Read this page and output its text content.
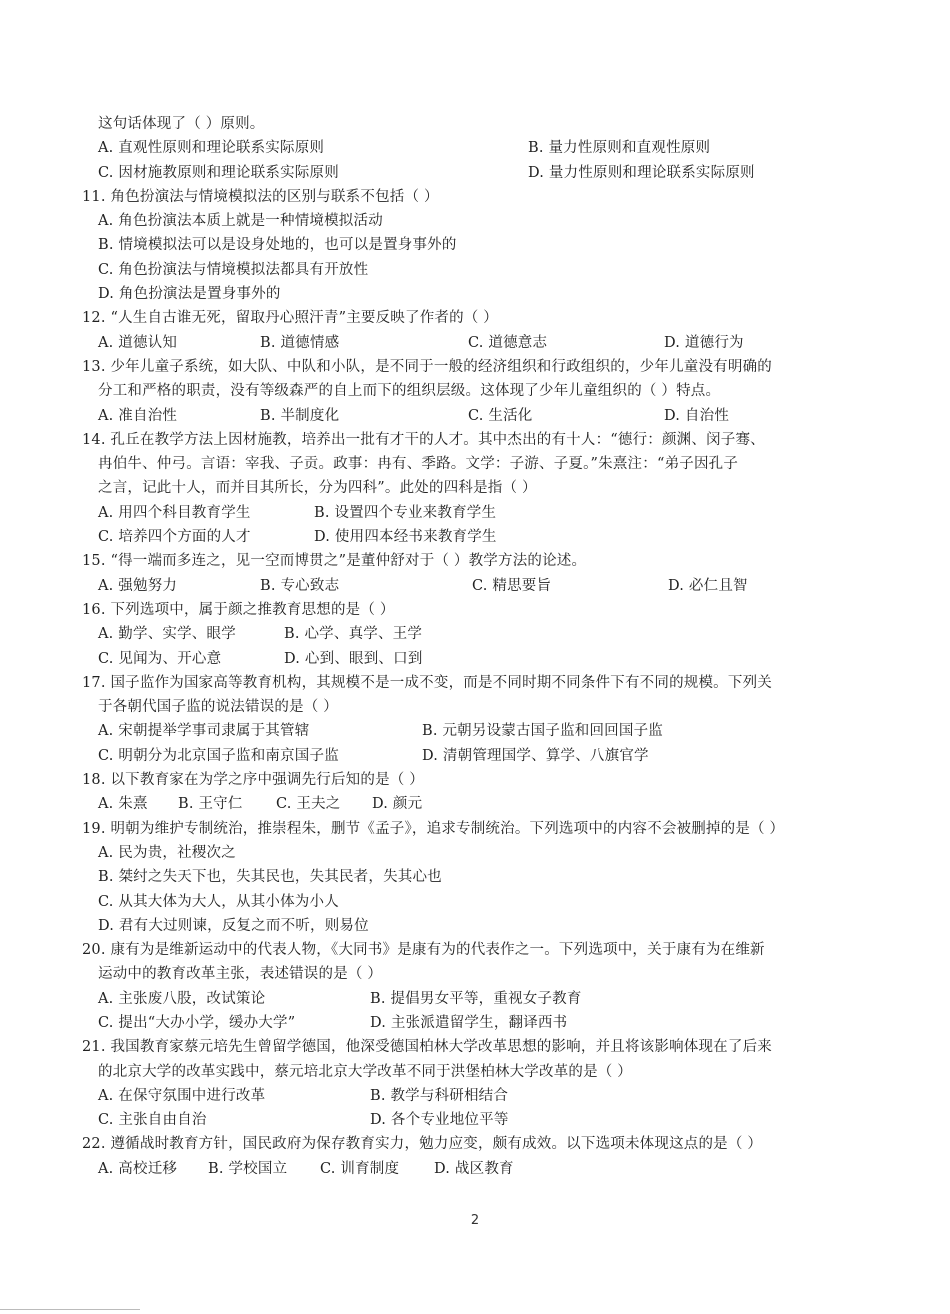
这句话体现了（ ）原则。
A. 直观性原则和理论联系实际原则	B. 量力性原则和直观性原则
C. 因材施教原则和理论联系实际原则	D. 量力性原则和理论联系实际原则
11. 角色扮演法与情境模拟法的区别与联系不包括（ ）
A. 角色扮演法本质上就是一种情境模拟活动
B. 情境模拟法可以是设身处地的，也可以是置身事外的
C. 角色扮演法与情境模拟法都具有开放性
D. 角色扮演法是置身事外的
12. “人生自古谁无死，留取丹心照汗青”主要反映了作者的（ ）
A. 道德认知	B. 道德情感	C. 道德意志	D. 道德行为
13. 少年儿童子系统，如大队、中队和小队，是不同于一般的经济组织和行政组织的，少年儿童没有明确的
分工和严格的职责，没有等级森严的自上而下的组织层级。这体现了少年儿童组织的（ ）特点。
A. 准自治性	B. 半制度化	C. 生活化	D. 自治性
14. 孔丘在教学方法上因材施教，培养出一批有才干的人才。其中杰出的有十人：“德行：颜渊、闵子骞、
冉伯牛、仲弓。言语：宰我、子贡。政事：冉有、季路。文学：子游、子夏。”朱熹注：“弟子因孔子
之言，记此十人，而并目其所长，分为四科”。此处的四科是指（ ）
A. 用四个科目教育学生	B. 设置四个专业来教育学生
C. 培养四个方面的人才	D. 使用四本经书来教育学生
15. “得一端而多连之，见一空而博贯之”是董仲舒对于（ ）教学方法的论述。
A. 强勉努力	B. 专心致志	C. 精思要旨	D. 必仁且智
16. 下列选项中，属于颜之推教育思想的是（ ）
A. 勤学、实学、眼学	B. 心学、真学、王学
C. 见闻为、开心意	D. 心到、眼到、口到
17. 国子监作为国家高等教育机构，其规模不是一成不变，而是不同时期不同条件下有不同的规模。下列关
于各朝代国子监的说法错误的是（ ）
A. 宋朝提举学事司隶属于其管辖	B. 元朝另设蒙古国子监和回回国子监
C. 明朝分为北京国子监和南京国子监	D. 清朝管理国学、算学、八旗官学
18. 以下教育家在为学之序中强调先行后知的是（ ）
A. 朱熹	B. 王守仁	C. 王夫之	D. 颜元
19. 明朝为维护专制统治，推崇程朱，删节《孟子》，追求专制统治。下列选项中的内容不会被删掉的是（ ）
A. 民为贵，社稷次之
B. 桀纣之失天下也，失其民也，失其民者，失其心也
C. 从其大体为大人，从其小体为小人
D. 君有大过则谏，反复之而不听，则易位
20. 康有为是维新运动中的代表人物，《大同书》是康有为的代表作之一。下列选项中，关于康有为在维新
运动中的教育改革主张，表述错误的是（ ）
A. 主张废八股，改试策论	B. 提倡男女平等，重视女子教育
C. 提出“大办小学，缓办大学”	D. 主张派遣留学生，翻译西书
21. 我国教育家蔡元培先生曾留学德国，他深受德国柏林大学改革思想的影响，并且将该影响体现在了后来
的北京大学的改革实践中，蔡元培北京大学改革不同于洪堡柏林大学改革的是（ ）
A. 在保守氛围中进行改革	B. 教学与科研相结合
C. 主张自由自治	D. 各个专业地位平等
22. 遵循战时教育方针，国民政府为保存教育实力，勉力应变，颇有成效。以下选项未体现这点的是（ ）
A. 高校迁移	B. 学校国立	C. 训育制度	D. 战区教育
2
